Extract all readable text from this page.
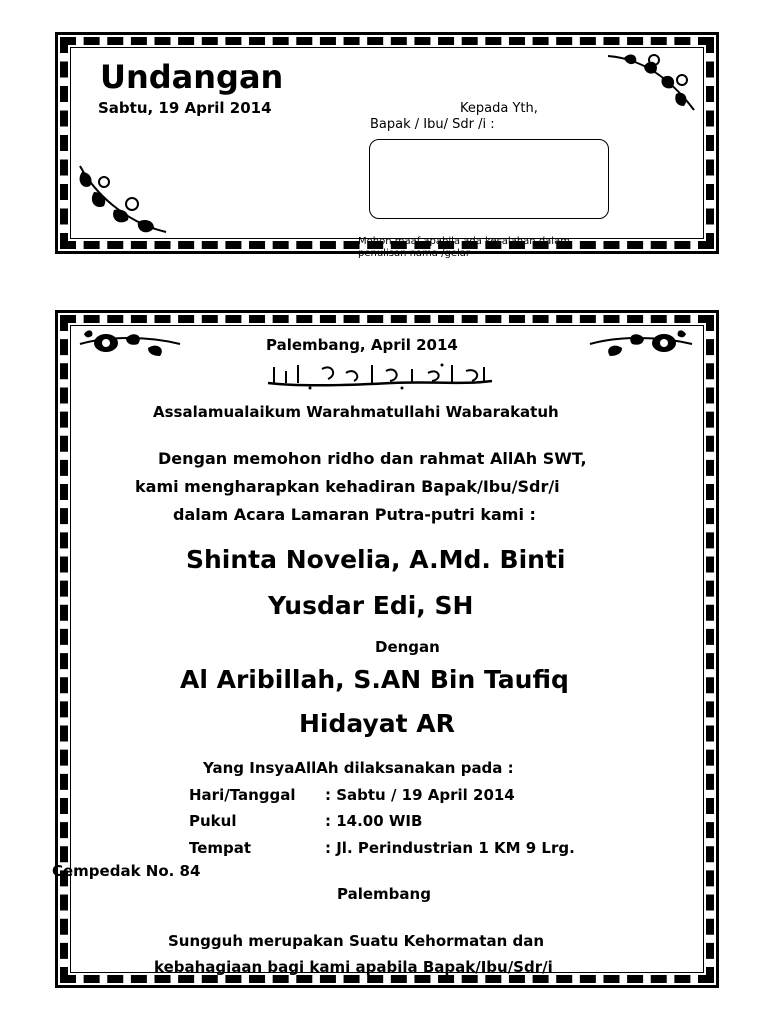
Undangan
Sabtu, 19 April 2014	Kepada Yth,
Bapak / Ibu/ Sdr /i :
Mohon maaf apabila ada kesalahan dalam
penulisan nama /gelar
Palembang, April 2014
Assalamualaikum Warahmatullahi Wabarakatuh
Dengan memohon ridho dan rahmat AllAh SWT,
kami mengharapkan kehadiran Bapak/Ibu/Sdr/i
dalam Acara Lamaran Putra-putri kami :
Shinta Novelia, A.Md. Binti
Yusdar Edi, SH
Dengan
Al Aribillah, S.AN Bin Taufiq
Hidayat AR
Yang InsyaAllAh dilaksanakan pada :
Hari/Tanggal : Sabtu / 19 April 2014
Pukul	: 14.00 WIB
Tempat	: Jl. Perindustrian 1 KM 9 Lrg.
Cempedak No. 84
Palembang
Sungguh merupakan Suatu Kehormatan dan
kebahagiaan bagi kami apabila Bapak/Ibu/Sdr/i
